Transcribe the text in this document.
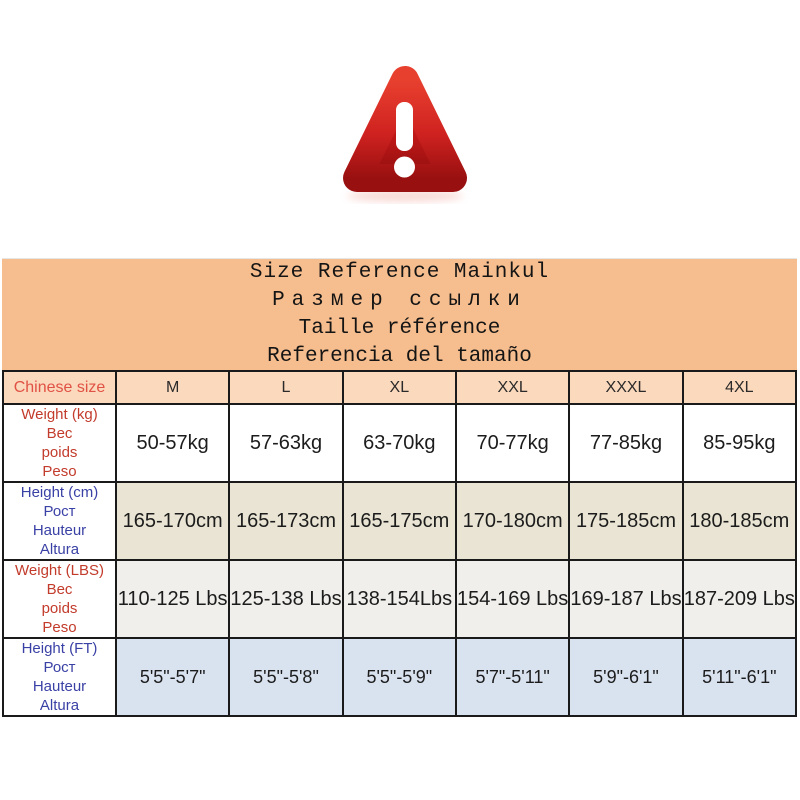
Size Reference Mainkul
Размер ссылки
Taille référence
Referencia del tamaño
Chinese size	M	L	XL	XXL	XXXL	4XL

Weight (kg)
Вес
poids
Peso	50-57kg	57-63kg	63-70kg	70-77kg	77-85kg	85-95kg

Height (cm)
Рост
Hauteur
Altura	165-170cm	165-173cm	165-175cm	170-180cm	175-185cm	180-185cm

Weight (LBS)
Вес
poids
Peso	110-125 Lbs	125-138 Lbs	138-154Lbs	154-169 Lbs	169-187 Lbs	187-209 Lbs

Height (FT)
Рост
Hauteur
Altura	5'5"-5'7"	5'5"-5'8"	5'5"-5'9"	5'7"-5'11"	5'9"-6'1"	5'11"-6'1"
